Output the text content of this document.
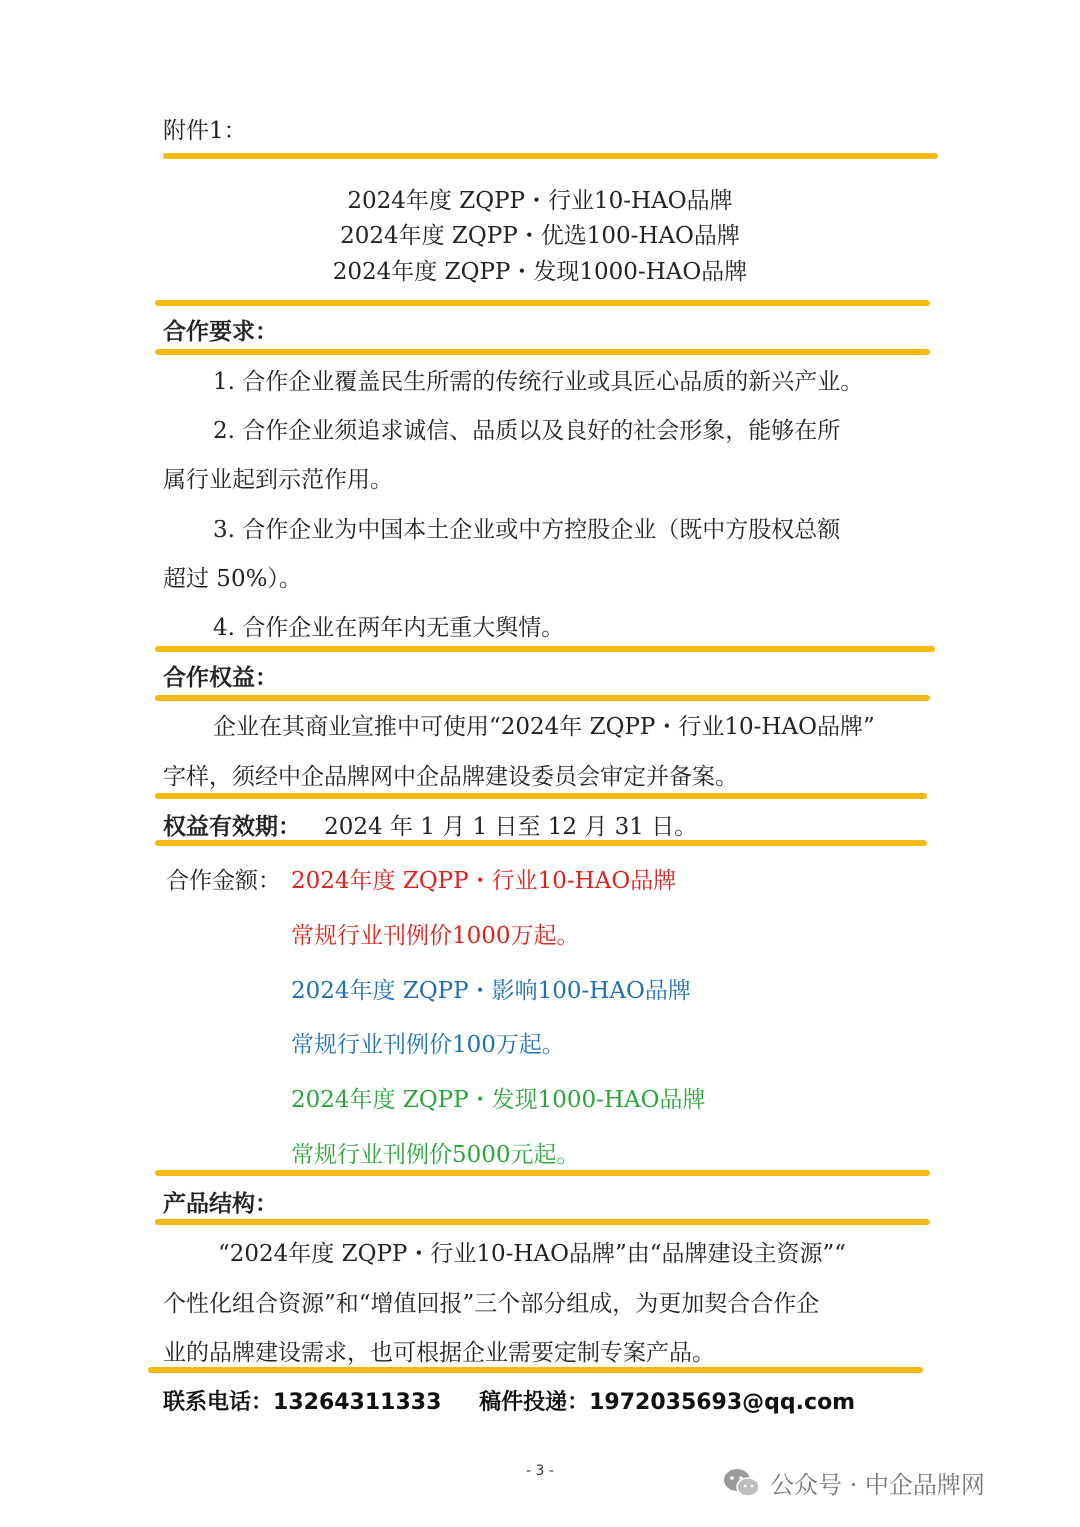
附件1：
2024年度 ZQPP・行业10-HAO品牌
2024年度 ZQPP・优选100-HAO品牌
2024年度 ZQPP・发现1000-HAO品牌
合作要求：
1. 合作企业覆盖民生所需的传统行业或具匠心品质的新兴产业。
2. 合作企业须追求诚信、品质以及良好的社会形象，能够在所
属行业起到示范作用。
3. 合作企业为中国本土企业或中方控股企业（既中方股权总额
超过 50%）。
4. 合作企业在两年内无重大舆情。
合作权益：
企业在其商业宣推中可使用“2024年 ZQPP・行业10-HAO品牌”
字样，须经中企品牌网中企品牌建设委员会审定并备案。
权益有效期： 2024 年 1 月 1 日至 12 月 31 日。
合作金额： 2024年度 ZQPP・行业10-HAO品牌
常规行业刊例价1000万起。
2024年度 ZQPP・影响100-HAO品牌
常规行业刊例价100万起。
2024年度 ZQPP・发现1000-HAO品牌
常规行业刊例价5000元起。
产品结构：
“2024年度 ZQPP・行业10-HAO品牌”由“品牌建设主资源”“
个性化组合资源”和“增值回报”三个部分组成，为更加契合合作企
业的品牌建设需求，也可根据企业需要定制专案产品。
联系电话：13264311333 稿件投递：1972035693@qq.com
- 3 -	公众号 · 中企品牌网
